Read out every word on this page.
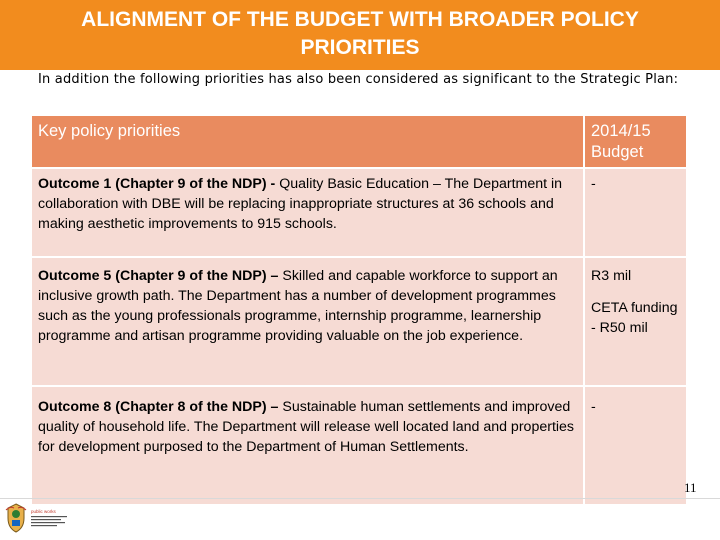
ALIGNMENT OF THE BUDGET WITH BROADER POLICY
PRIORITIES

In addition the following priorities has also been considered as significant to the Strategic Plan:

Key policy priorities	2014/15
Budget
Outcome 1 (Chapter 9 of the NDP) - Quality Basic Education – The Department in collaboration with DBE will be replacing inappropriate structures at 36 schools and making aesthetic improvements to 915 schools.	-
Outcome 5 (Chapter 9 of the NDP) – Skilled and capable workforce to support an inclusive growth path. The Department has a number of development programmes such as the young professionals programme, internship programme, learnership programme and artisan programme providing valuable on the job experience.	R3 mil
CETA funding - R50 mil
Outcome 8 (Chapter 8 of the NDP) – Sustainable human settlements and improved quality of household life. The Department will release well located land and properties for development purposed to the Department of Human Settlements.	-
public works
11
